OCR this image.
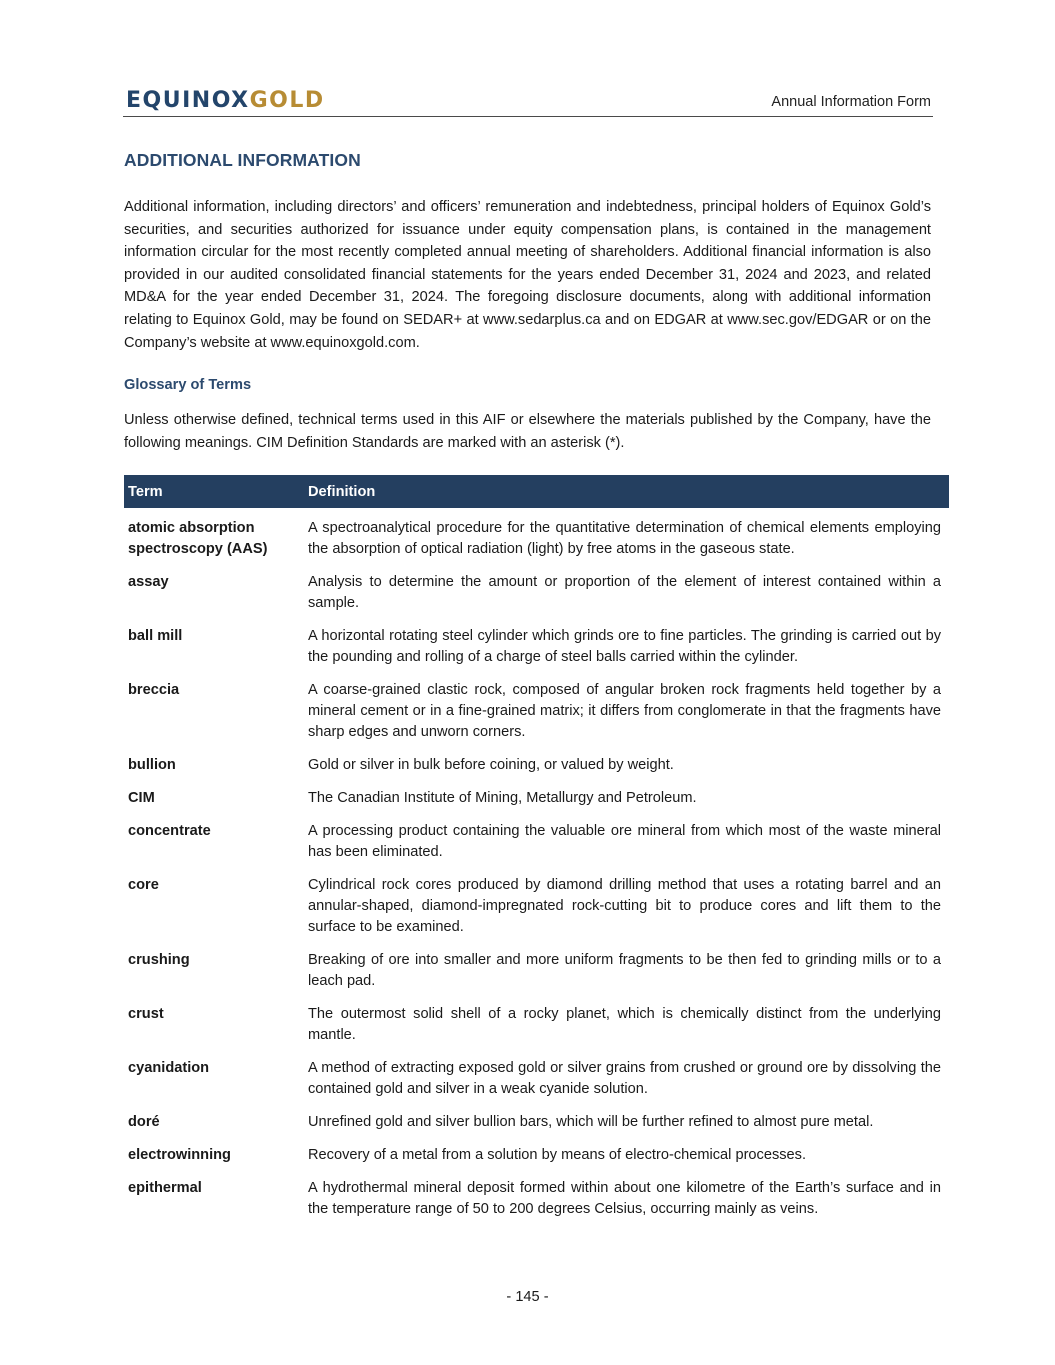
EQUINOXGOLD	Annual Information Form
ADDITIONAL INFORMATION

Additional information, including directors’ and officers’ remuneration and indebtedness, principal holders of Equinox Gold’s securities, and securities authorized for issuance under equity compensation plans, is contained in the management information circular for the most recently completed annual meeting of shareholders. Additional financial information is also provided in our audited consolidated financial statements for the years ended December 31, 2024 and 2023, and related MD&A for the year ended December 31, 2024. The foregoing disclosure documents, along with additional information relating to Equinox Gold, may be found on SEDAR+ at www.sedarplus.ca and on EDGAR at www.sec.gov/EDGAR or on the Company’s website at www.equinoxgold.com.

Glossary of Terms

Unless otherwise defined, technical terms used in this AIF or elsewhere the materials published by the Company, have the following meanings. CIM Definition Standards are marked with an asterisk (*).

Term	Definition
atomic absorption spectroscopy (AAS)	A spectroanalytical procedure for the quantitative determination of chemical elements employing the absorption of optical radiation (light) by free atoms in the gaseous state.
assay	Analysis to determine the amount or proportion of the element of interest contained within a sample.
ball mill	A horizontal rotating steel cylinder which grinds ore to fine particles. The grinding is carried out by the pounding and rolling of a charge of steel balls carried within the cylinder.
breccia	A coarse-grained clastic rock, composed of angular broken rock fragments held together by a mineral cement or in a fine-grained matrix; it differs from conglomerate in that the fragments have sharp edges and unworn corners.
bullion	Gold or silver in bulk before coining, or valued by weight.
CIM	The Canadian Institute of Mining, Metallurgy and Petroleum.
concentrate	A processing product containing the valuable ore mineral from which most of the waste mineral has been eliminated.
core	Cylindrical rock cores produced by diamond drilling method that uses a rotating barrel and an annular-shaped, diamond-impregnated rock-cutting bit to produce cores and lift them to the surface to be examined.
crushing	Breaking of ore into smaller and more uniform fragments to be then fed to grinding mills or to a leach pad.
crust	The outermost solid shell of a rocky planet, which is chemically distinct from the underlying mantle.
cyanidation	A method of extracting exposed gold or silver grains from crushed or ground ore by dissolving the contained gold and silver in a weak cyanide solution.
doré	Unrefined gold and silver bullion bars, which will be further refined to almost pure metal.
electrowinning	Recovery of a metal from a solution by means of electro-chemical processes.
epithermal	A hydrothermal mineral deposit formed within about one kilometre of the Earth’s surface and in the temperature range of 50 to 200 degrees Celsius, occurring mainly as veins.
- 145 -
